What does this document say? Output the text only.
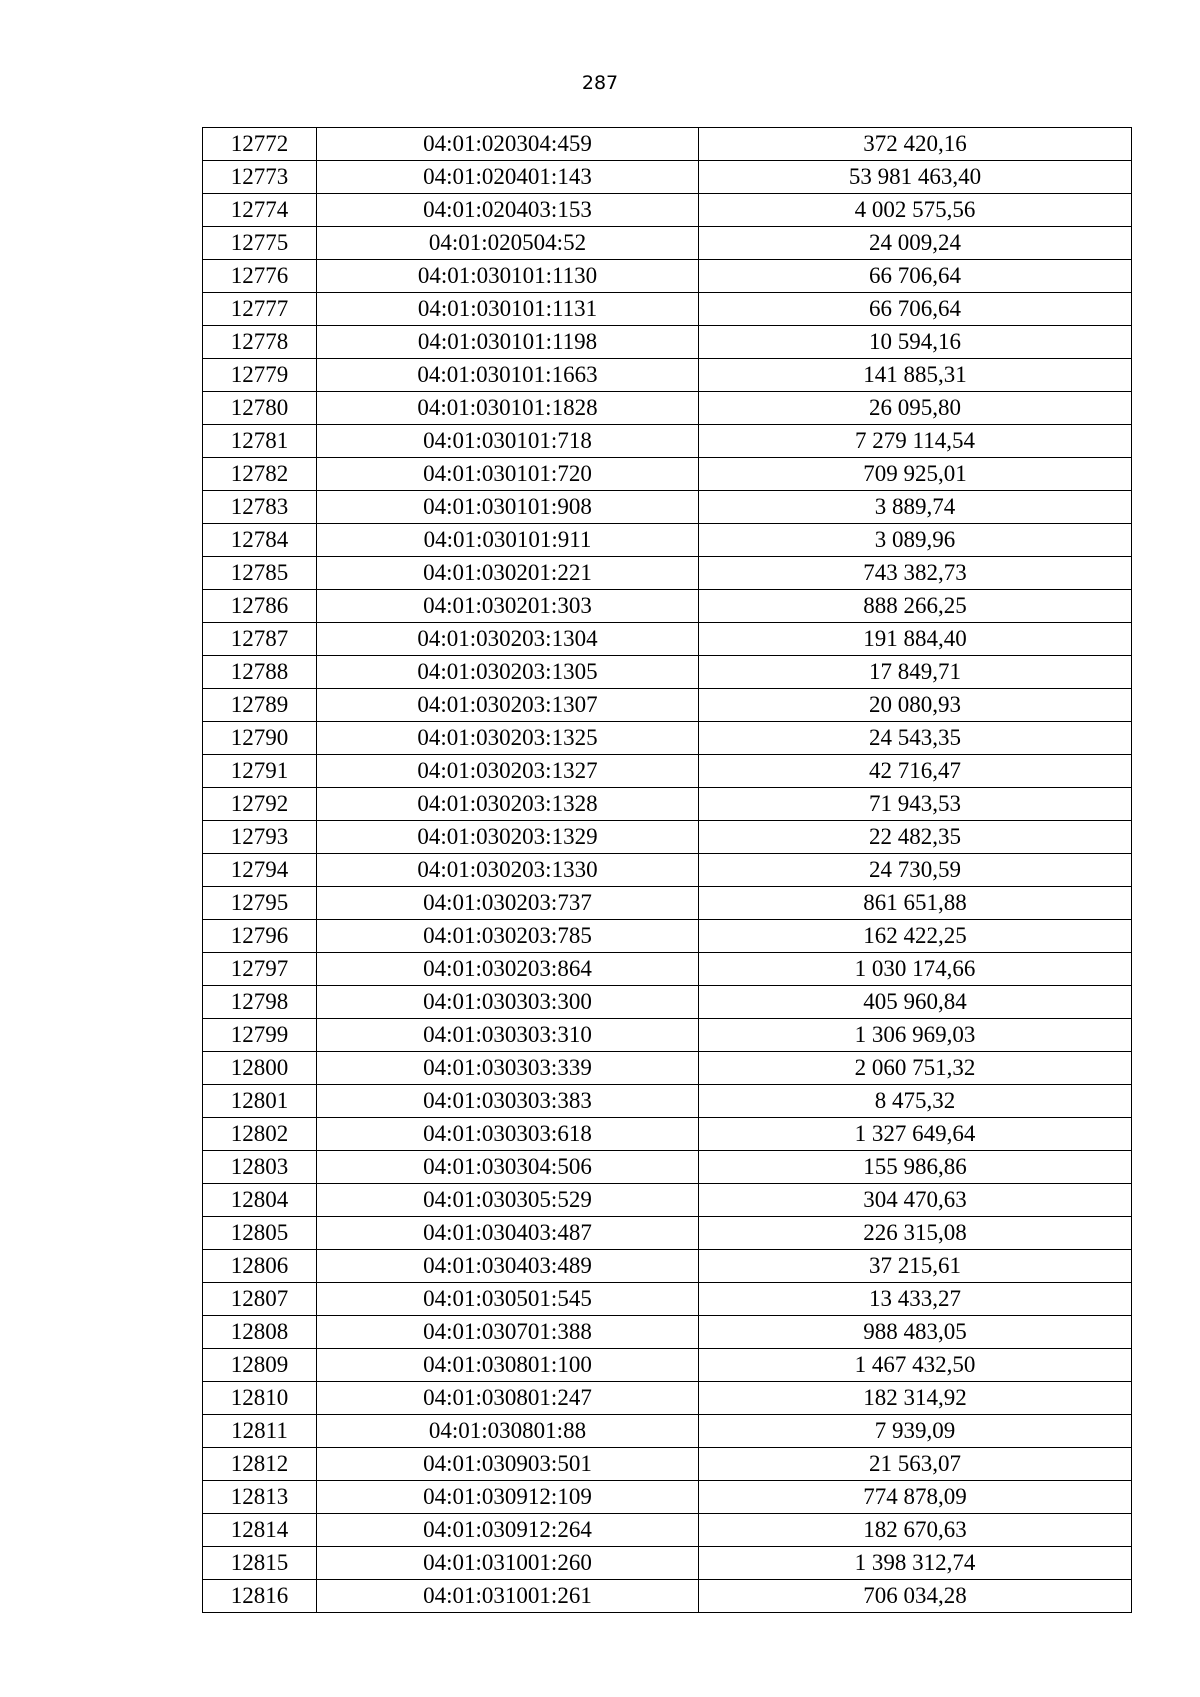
287
12772	04:01:020304:459	372 420,16
12773	04:01:020401:143	53 981 463,40
12774	04:01:020403:153	4 002 575,56
12775	04:01:020504:52	24 009,24
12776	04:01:030101:1130	66 706,64
12777	04:01:030101:1131	66 706,64
12778	04:01:030101:1198	10 594,16
12779	04:01:030101:1663	141 885,31
12780	04:01:030101:1828	26 095,80
12781	04:01:030101:718	7 279 114,54
12782	04:01:030101:720	709 925,01
12783	04:01:030101:908	3 889,74
12784	04:01:030101:911	3 089,96
12785	04:01:030201:221	743 382,73
12786	04:01:030201:303	888 266,25
12787	04:01:030203:1304	191 884,40
12788	04:01:030203:1305	17 849,71
12789	04:01:030203:1307	20 080,93
12790	04:01:030203:1325	24 543,35
12791	04:01:030203:1327	42 716,47
12792	04:01:030203:1328	71 943,53
12793	04:01:030203:1329	22 482,35
12794	04:01:030203:1330	24 730,59
12795	04:01:030203:737	861 651,88
12796	04:01:030203:785	162 422,25
12797	04:01:030203:864	1 030 174,66
12798	04:01:030303:300	405 960,84
12799	04:01:030303:310	1 306 969,03
12800	04:01:030303:339	2 060 751,32
12801	04:01:030303:383	8 475,32
12802	04:01:030303:618	1 327 649,64
12803	04:01:030304:506	155 986,86
12804	04:01:030305:529	304 470,63
12805	04:01:030403:487	226 315,08
12806	04:01:030403:489	37 215,61
12807	04:01:030501:545	13 433,27
12808	04:01:030701:388	988 483,05
12809	04:01:030801:100	1 467 432,50
12810	04:01:030801:247	182 314,92
12811	04:01:030801:88	7 939,09
12812	04:01:030903:501	21 563,07
12813	04:01:030912:109	774 878,09
12814	04:01:030912:264	182 670,63
12815	04:01:031001:260	1 398 312,74
12816	04:01:031001:261	706 034,28
